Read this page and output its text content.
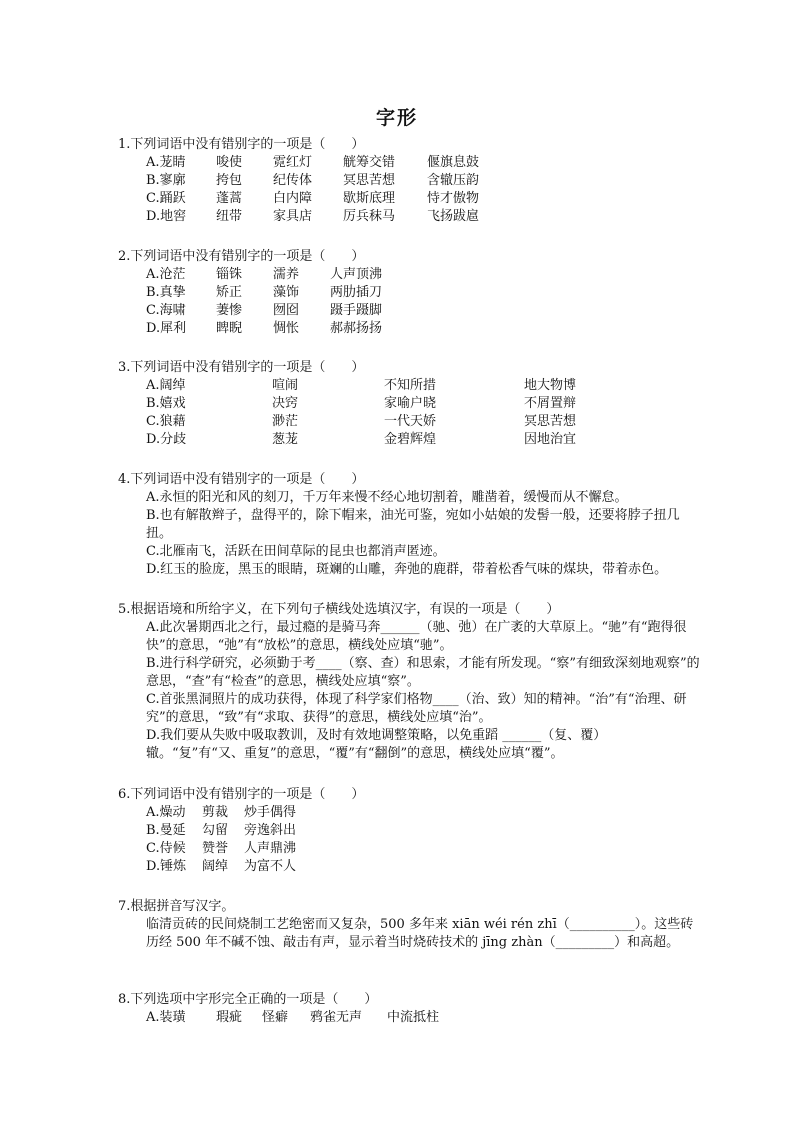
字形
1.下列词语中没有错别字的一项是（　　）
A.茏睛	唆使	霓红灯	觥筹交错	偃旗息鼓
B.寥廓	挎包	纪传体	冥思苦想	含辙压韵
C.踊跃	蓬蒿	白内障	歇斯底理	恃才傲物
D.地窖	纽带	家具店	厉兵秣马	飞扬跋扈
2.下列词语中没有错别字的一项是（　　）
A.沧茫	锱铢	濡养	人声顶沸
B.真挚	矫正	藻饰	两肋插刀
C.海啸	萋惨	囫囵	蹑手蹑脚
D.犀利	睥睨	惆怅	郝郝扬扬
3.下列词语中没有错别字的一项是（　　）
A.阔绰	喧闹	不知所措	地大物博
B.嬉戏	决窍	家喻户晓	不屑置辩
C.狼藉	渺茫	一代天娇	冥思苦想
D.分歧	葱茏	金碧辉煌	因地治宜
4.下列词语中没有错别字的一项是（　　）
A.永恒的阳光和风的刻刀，千万年来慢不经心地切割着，雕凿着，缓慢而从不懈怠。
B.也有解散辫子，盘得平的，除下帽来，油光可鉴，宛如小姑娘的发髻一般，还要将脖子扭几扭。
C.北雁南飞，活跃在田间草际的昆虫也都消声匿迹。
D.红玉的脸庞，黑玉的眼睛，斑斓的山雕，奔弛的鹿群，带着松香气味的煤块，带着赤色。
5.根据语境和所给字义，在下列句子横线处选填汉字，有误的一项是（　　）
A.此次暑期西北之行，最过瘾的是骑马奔______（驰、弛）在广袤的大草原上。“驰”有“跑得很快”的意思，“弛”有“放松”的意思，横线处应填“驰”。
B.进行科学研究，必须勤于考____（察、查）和思索，才能有所发现。“察”有细致深刻地观察”的意思，“查”有“检查”的意思，横线处应填“察”。
C.首张黑洞照片的成功获得，体现了科学家们格物____（治、致）知的精神。“治”有“治理、研究”的意思，“致”有“求取、获得”的意思，横线处应填“治”。
D.我们要从失败中吸取教训，及时有效地调整策略，以免重蹈 ______（复、覆）辙。“复”有“又、重复”的意思，“覆”有“翻倒”的意思，横线处应填“覆”。
6.下列词语中没有错别字的一项是（　　）
A.燥动	剪裁	炒手偶得
B.曼延	勾留	旁逸斜出
C.侍候	赞誉	人声鼎沸
D.锤炼	阔绰	为富不人
7.根据拼音写汉字。
临清贡砖的民间烧制工艺绝密而又复杂，500 多年来 xiān wéi rén zhī（__________）。这些砖历经 500 年不碱不蚀、敲击有声，显示着当时烧砖技术的 jīng zhàn（_________）和高超。
8.下列选项中字形完全正确的一项是（　　）
A.装璜	瑕疵	怪癖	鸦雀无声	中流抵柱
